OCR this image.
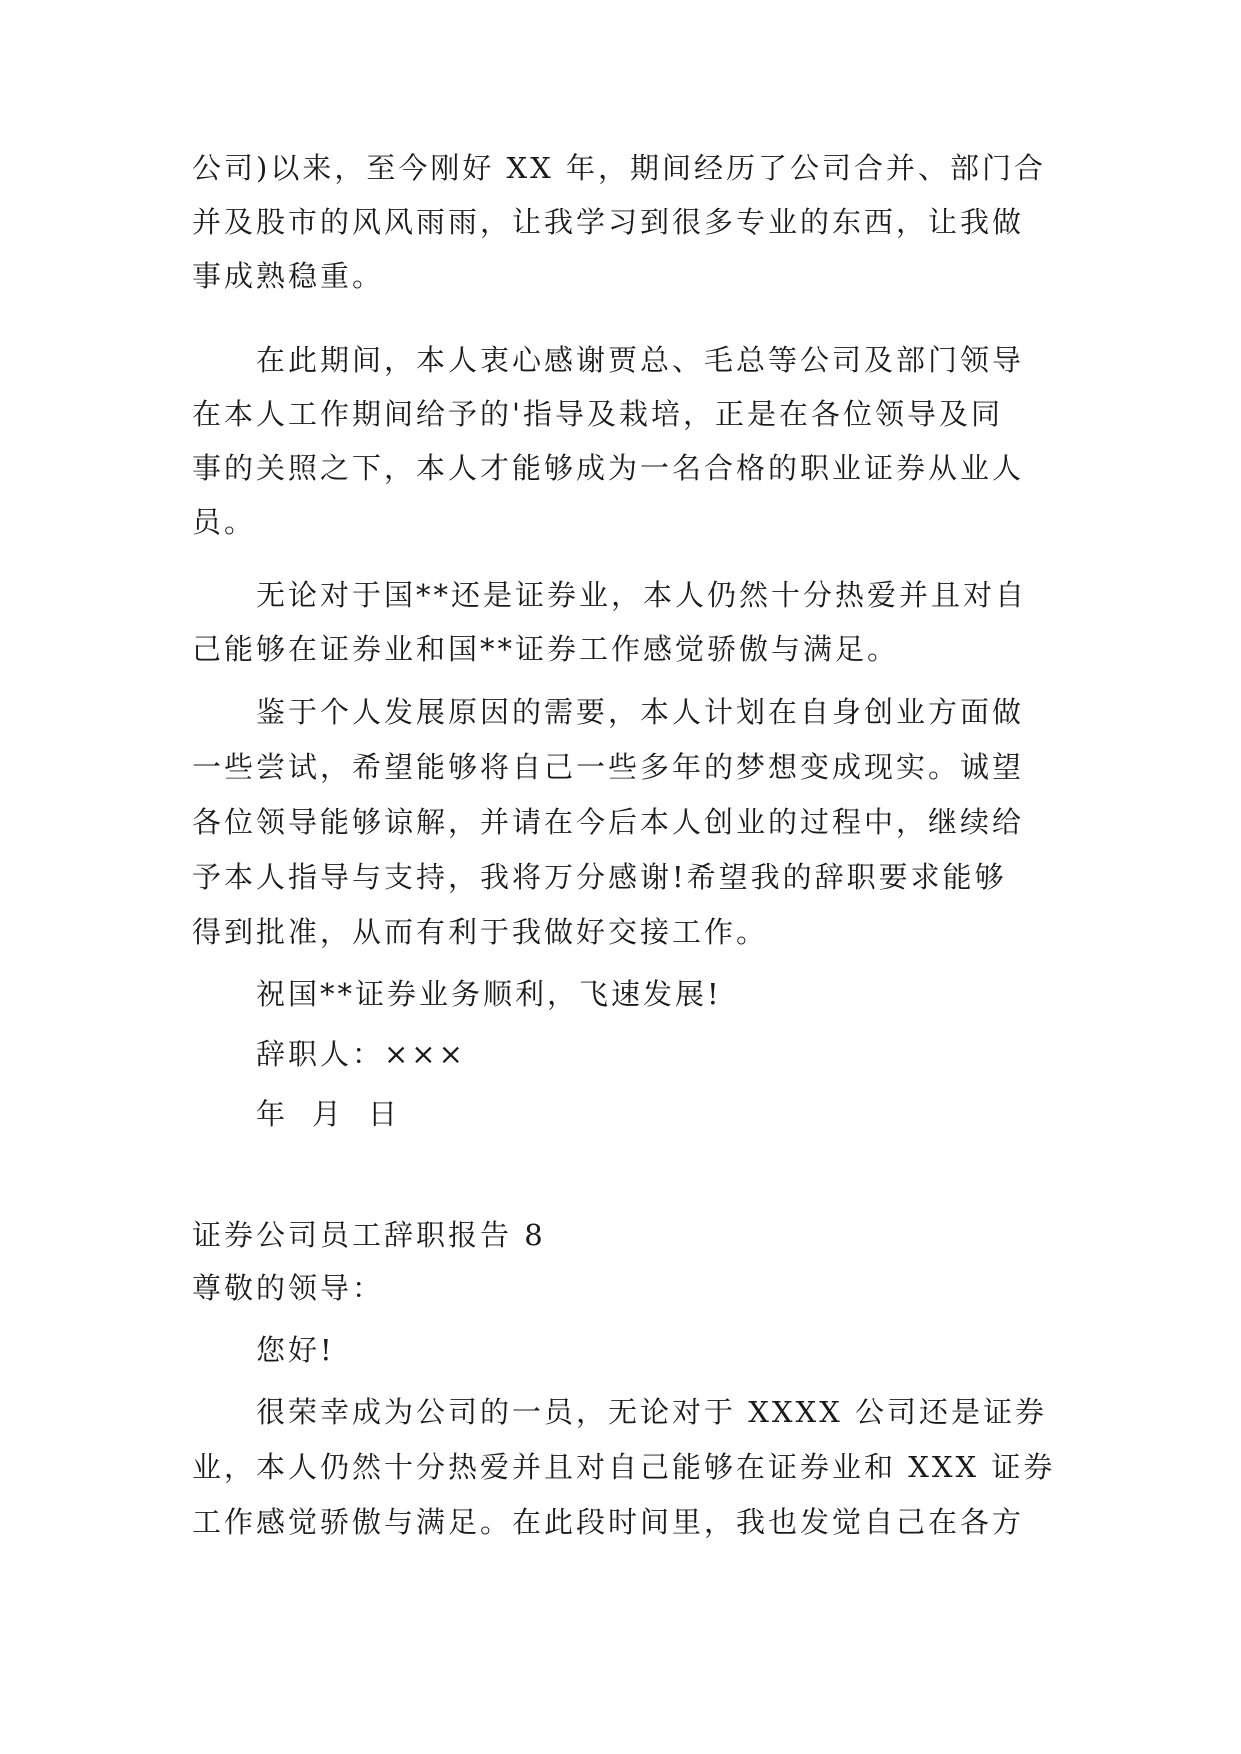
公司)以来，至今刚好 XX 年，期间经历了公司合并、部门合
并及股市的风风雨雨，让我学习到很多专业的东西，让我做
事成熟稳重。
在此期间，本人衷心感谢贾总、毛总等公司及部门领导
在本人工作期间给予的'指导及栽培，正是在各位领导及同
事的关照之下，本人才能够成为一名合格的职业证券从业人
员。
无论对于国**还是证券业，本人仍然十分热爱并且对自
己能够在证券业和国**证券工作感觉骄傲与满足。
鉴于个人发展原因的需要，本人计划在自身创业方面做
一些尝试，希望能够将自己一些多年的梦想变成现实。诚望
各位领导能够谅解，并请在今后本人创业的过程中，继续给
予本人指导与支持，我将万分感谢!希望我的辞职要求能够
得到批准，从而有利于我做好交接工作。
祝国**证券业务顺利，飞速发展!
辞职人：×××
年 月 日
证券公司员工辞职报告 8
尊敬的领导：
您好!
很荣幸成为公司的一员，无论对于 XXXX 公司还是证券
业，本人仍然十分热爱并且对自己能够在证券业和 XXX 证券
工作感觉骄傲与满足。在此段时间里，我也发觉自己在各方
